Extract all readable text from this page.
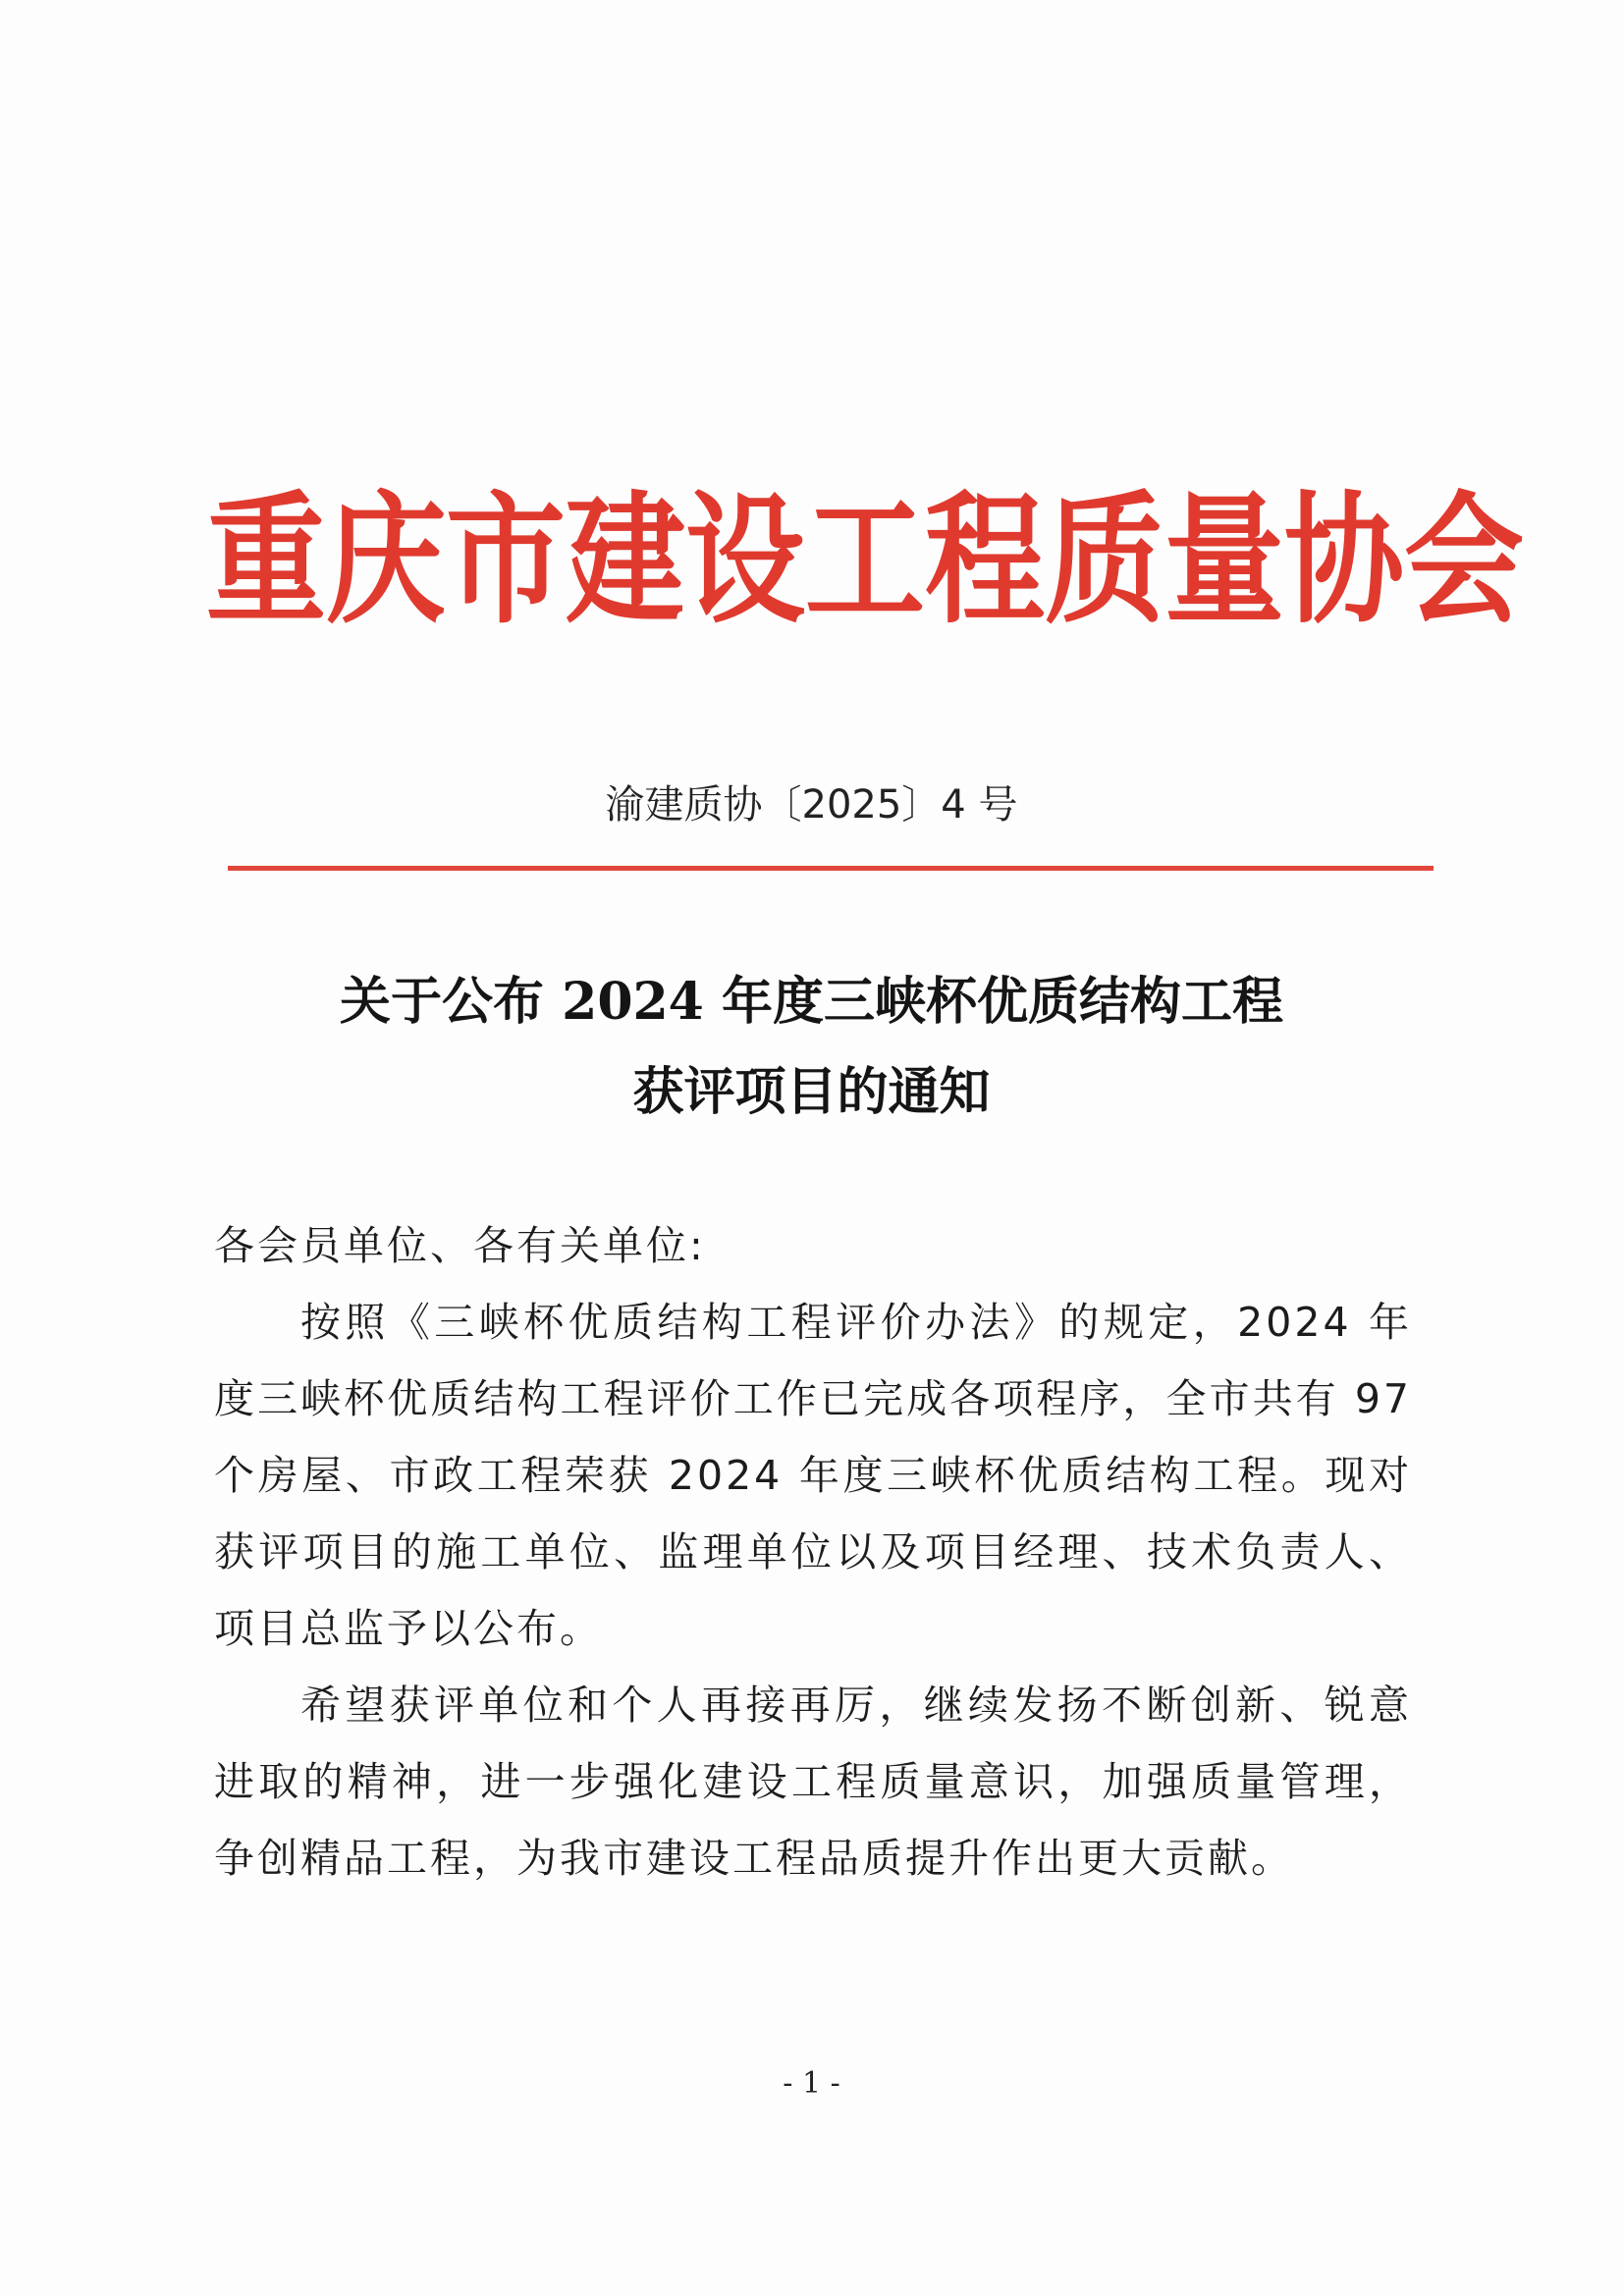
重庆市建设工程质量协会
渝建质协〔2025〕4 号
关于公布 2024 年度三峡杯优质结构工程
获评项目的通知

各会员单位、各有关单位:

按照《三峡杯优质结构工程评价办法》的规定，2024 年度三峡杯优质结构工程评价工作已完成各项程序，全市共有 97 个房屋、市政工程荣获 2024 年度三峡杯优质结构工程。现对获评项目的施工单位、监理单位以及项目经理、技术负责人、项目总监予以公布。

希望获评单位和个人再接再厉，继续发扬不断创新、锐意进取的精神，进一步强化建设工程质量意识，加强质量管理，争创精品工程，为我市建设工程品质提升作出更大贡献。

- 1 -
